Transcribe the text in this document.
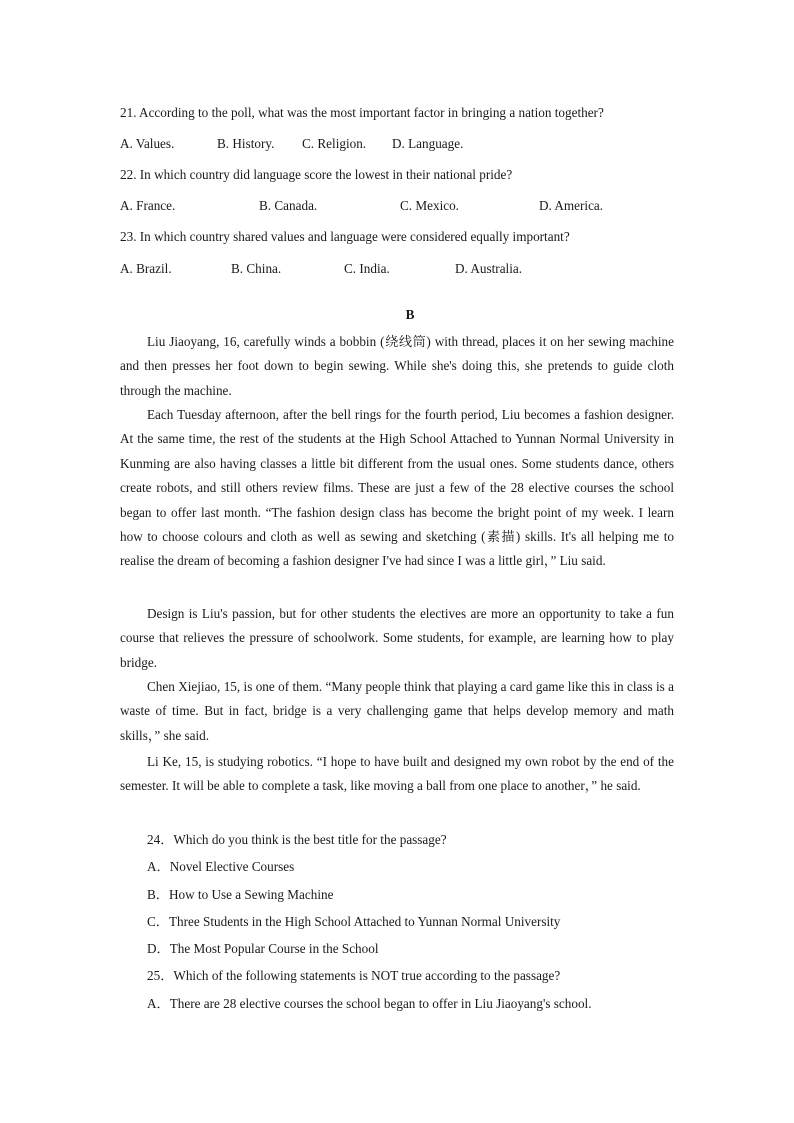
21. According to the poll, what was the most important factor in bringing a nation together?
A. Values.	B. History. C. Religion. D. Language.
22. In which country did language score the lowest in their national pride?
A. France.	B. Canada.	C. Mexico.	D. America.
23. In which country shared values and language were considered equally important?
A. Brazil.	B. China.	C. India.	D. Australia.
B

Liu Jiaoyang, 16, carefully winds a bobbin (绕线筒) with thread, places it on her sewing machine and then presses her foot down to begin sewing. While she's doing this, she pretends to guide cloth through the machine.

Each Tuesday afternoon, after the bell rings for the fourth period, Liu becomes a fashion designer. At the same time, the rest of the students at the High School Attached to Yunnan Normal University in Kunming are also having classes a little bit different from the usual ones. Some students dance, others create robots, and still others review films. These are just a few of the 28 elective courses the school began to offer last month. “The fashion design class has become the bright point of my week. I learn how to choose colours and cloth as well as sewing and sketching (素描) skills. It's all helping me to realise the dream of becoming a fashion designer I've had since I was a little girl，” Liu said.

Design is Liu's passion, but for other students the electives are more an opportunity to take a fun course that relieves the pressure of schoolwork. Some students, for example, are learning how to play bridge.

Chen Xiejiao, 15, is one of them. “Many people think that playing a card game like this in class is a waste of time. But in fact, bridge is a very challenging game that helps develop memory and math skills，” she said.

Li Ke, 15, is studying robotics. “I hope to have built and designed my own robot by the end of the semester. It will be able to complete a task, like moving a ball from one place to another，” he said.

24．Which do you think is the best title for the passage?
A．Novel Elective Courses
B．How to Use a Sewing Machine
C．Three Students in the High School Attached to Yunnan Normal University
D．The Most Popular Course in the School
25．Which of the following statements is NOT true according to the passage?
A．There are 28 elective courses the school began to offer in Liu Jiaoyang's school.
